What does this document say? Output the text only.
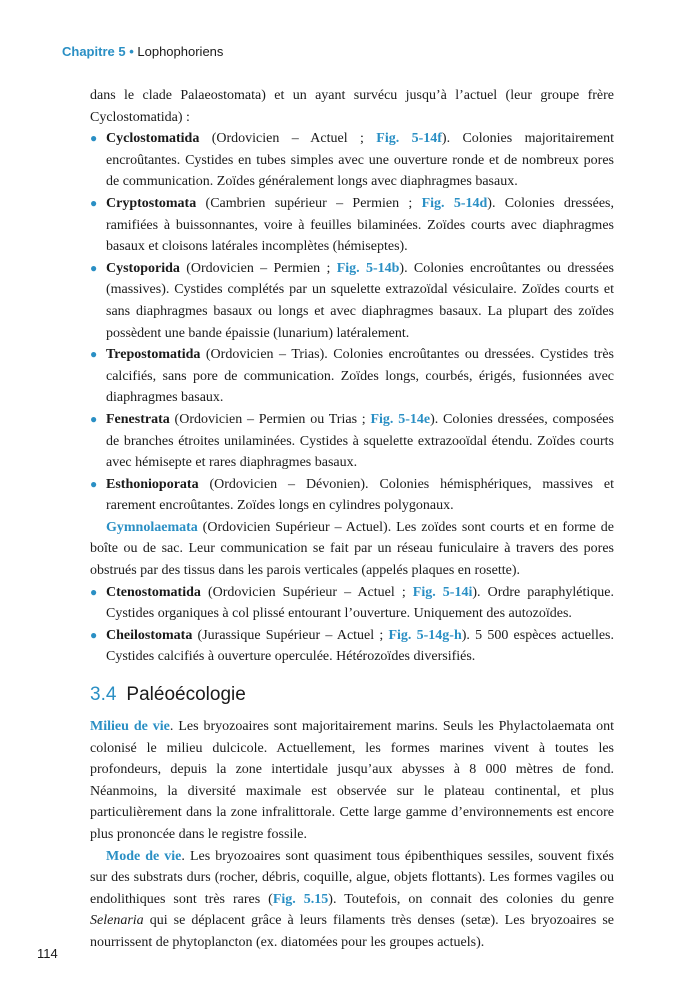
Chapitre 5 • Lophophoriens

dans le clade Palaeostomata) et un ayant survécu jusqu’à l’actuel (leur groupe frère Cyclostomatida) :

● Cyclostomatida (Ordovicien – Actuel ; Fig. 5-14f). Colonies majoritairement encroûtantes. Cystides en tubes simples avec une ouverture ronde et de nombreux pores de communication. Zoïdes généralement longs avec diaphragmes basaux.
● Cryptostomata (Cambrien supérieur – Permien ; Fig. 5-14d). Colonies dressées, ramifiées à buissonnantes, voire à feuilles bilaminées. Zoïdes courts avec diaphragmes basaux et cloisons latérales incomplètes (hémiseptes).
● Cystoporida (Ordovicien – Permien ; Fig. 5-14b). Colonies encroûtantes ou dressées (massives). Cystides complétés par un squelette extrazoïdal vésiculaire. Zoïdes courts et sans diaphragmes basaux ou longs et avec diaphragmes basaux. La plupart des zoïdes possèdent une bande épaissie (lunarium) latéralement.
● Trepostomatida (Ordovicien – Trias). Colonies encroûtantes ou dressées. Cystides très calcifiés, sans pore de communication. Zoïdes longs, courbés, érigés, fusionnées avec diaphragmes basaux.
● Fenestrata (Ordovicien – Permien ou Trias ; Fig. 5-14e). Colonies dressées, composées de branches étroites unilaminées. Cystides à squelette extrazooïdal étendu. Zoïdes courts avec hémisepte et rares diaphragmes basaux.
● Esthonioporata (Ordovicien – Dévonien). Colonies hémisphériques, massives et rarement encroûtantes. Zoïdes longs en cylindres polygonaux.

Gymnolaemata (Ordovicien Supérieur – Actuel). Les zoïdes sont courts et en forme de boîte ou de sac. Leur communication se fait par un réseau funiculaire à travers des pores obstrués par des tissus dans les parois verticales (appelés plaques en rosette).

● Ctenostomatida (Ordovicien Supérieur – Actuel ; Fig. 5-14i). Ordre paraphylétique. Cystides organiques à col plissé entourant l’ouverture. Uniquement des autozoïdes.
● Cheilostomata (Jurassique Supérieur – Actuel ; Fig. 5-14g-h). 5 500 espèces actuelles. Cystides calcifiés à ouverture operculée. Hétérozoïdes diversifiés.
3.4 Paléoécologie

Milieu de vie. Les bryozoaires sont majoritairement marins. Seuls les Phylactolaemata ont colonisé le milieu dulcicole. Actuellement, les formes marines vivent à toutes les profondeurs, depuis la zone intertidale jusqu’aux abysses à 8 000 mètres de fond. Néanmoins, la diversité maximale est observée sur le plateau continental, et plus particulièrement dans la zone infralittorale. Cette large gamme d’environnements est encore plus prononcée dans le registre fossile.

Mode de vie. Les bryozoaires sont quasiment tous épibenthiques sessiles, souvent fixés sur des substrats durs (rocher, débris, coquille, algue, objets flottants). Les formes vagiles ou endolithiques sont très rares (Fig. 5.15). Toutefois, on connait des colonies du genre Selenaria qui se déplacent grâce à leurs filaments très denses (setæ). Les bryozoaires se nourrissent de phytoplancton (ex. diatomées pour les groupes actuels).

114
